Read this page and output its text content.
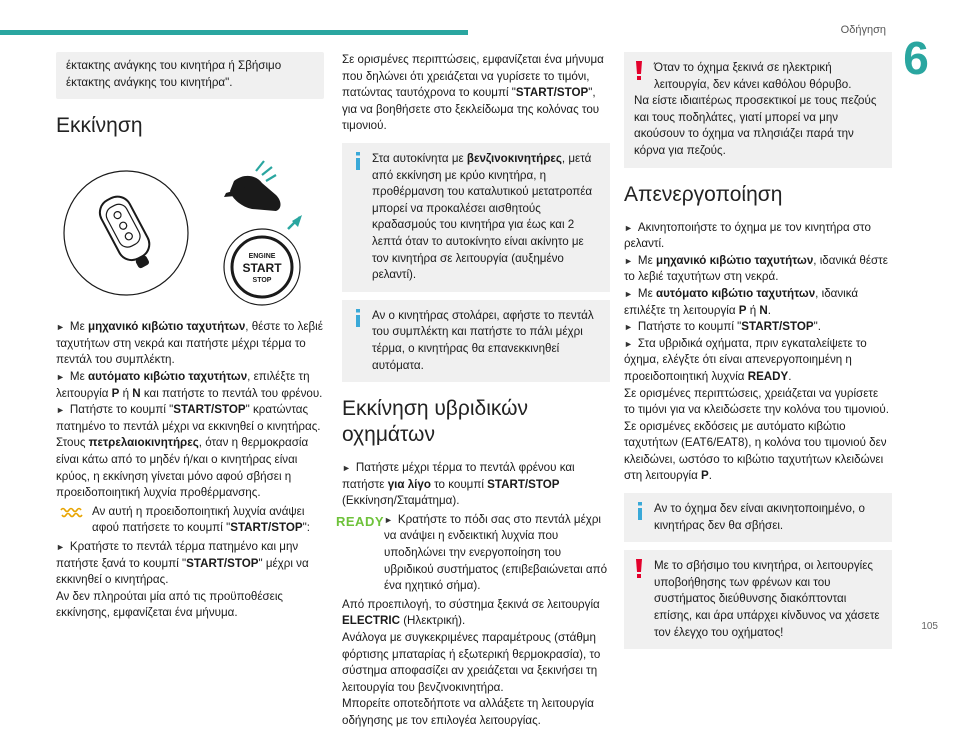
Οδήγηση
6
105

έκτακτης ανάγκης του κινητήρα ή Σβήσιμο έκτακτης ανάγκης του κινητήρα".

Εκκίνηση
ENGINE
START
STOP

► Με μηχανικό κιβώτιο ταχυτήτων, θέστε το λεβιέ ταχυτήτων στη νεκρά και πατήστε μέχρι τέρμα το πεντάλ του συμπλέκτη.

► Με αυτόματο κιβώτιο ταχυτήτων, επιλέξτε τη λειτουργία P ή N και πατήστε το πεντάλ του φρένου.

► Πατήστε το κουμπί "START/STOP" κρατώντας πατημένο το πεντάλ μέχρι να εκκινηθεί ο κινητήρας.

Στους πετρελαιοκινητήρες, όταν η θερμοκρασία είναι κάτω από το μηδέν ή/και ο κινητήρας είναι κρύος, η εκκίνηση γίνεται μόνο αφού σβήσει η προειδοποιητική λυχνία προθέρμανσης.

Αν αυτή η προειδοποιητική λυχνία ανάψει αφού πατήσετε το κουμπί "START/STOP":

► Κρατήστε το πεντάλ τέρμα πατημένο και μην πατήστε ξανά το κουμπί "START/STOP" μέχρι να εκκινηθεί ο κινητήρας.

Αν δεν πληρούται μία από τις προϋποθέσεις εκκίνησης, εμφανίζεται ένα μήνυμα.

Σε ορισμένες περιπτώσεις, εμφανίζεται ένα μήνυμα που δηλώνει ότι χρειάζεται να γυρίσετε το τιμόνι, πατώντας ταυτόχρονα το κουμπί "START/STOP", για να βοηθήσετε στο ξεκλείδωμα της κολόνας του τιμονιού.

Στα αυτοκίνητα με βενζινοκινητήρες, μετά από εκκίνηση με κρύο κινητήρα, η προθέρμανση του καταλυτικού μετατροπέα μπορεί να προκαλέσει αισθητούς κραδασμούς του κινητήρα για έως και 2 λεπτά όταν το αυτοκίνητο είναι ακίνητο με τον κινητήρα σε λειτουργία (αυξημένο ρελαντί).

Αν ο κινητήρας στολάρει, αφήστε το πεντάλ του συμπλέκτη και πατήστε το πάλι μέχρι τέρμα, ο κινητήρας θα επανεκκινηθεί αυτόματα.

Εκκίνηση υβριδικών οχημάτων

► Πατήστε μέχρι τέρμα το πεντάλ φρένου και πατήστε για λίγο το κουμπί START/STOP (Εκκίνηση/Σταμάτημα).

READY ► Κρατήστε το πόδι σας στο πεντάλ μέχρι να ανάψει η ενδεικτική λυχνία που υποδηλώνει την ενεργοποίηση του υβριδικού συστήματος (επιβεβαιώνεται από ένα ηχητικό σήμα).

Από προεπιλογή, το σύστημα ξεκινά σε λειτουργία ELECTRIC (Ηλεκτρική).

Ανάλογα με συγκεκριμένες παραμέτρους (στάθμη φόρτισης μπαταρίας ή εξωτερική θερμοκρασία), το σύστημα αποφασίζει αν χρειάζεται να ξεκινήσει τη λειτουργία του βενζινοκινητήρα.

Μπορείτε οποτεδήποτε να αλλάξετε τη λειτουργία οδήγησης με τον επιλογέα λειτουργίας.

Όταν το όχημα ξεκινά σε ηλεκτρική λειτουργία, δεν κάνει καθόλου θόρυβο.

Να είστε ιδιαιτέρως προσεκτικοί με τους πεζούς και τους ποδηλάτες, γιατί μπορεί να μην ακούσουν το όχημα να πλησιάζει παρά την κόρνα για πεζούς.

Απενεργοποίηση

► Ακινητοποιήστε το όχημα με τον κινητήρα στο ρελαντί.

► Με μηχανικό κιβώτιο ταχυτήτων, ιδανικά θέστε το λεβιέ ταχυτήτων στη νεκρά.

► Με αυτόματο κιβώτιο ταχυτήτων, ιδανικά επιλέξτε τη λειτουργία P ή N.

► Πατήστε το κουμπί "START/STOP".

► Στα υβριδικά οχήματα, πριν εγκαταλείψετε το όχημα, ελέγξτε ότι είναι απενεργοποιημένη η προειδοποιητική λυχνία READY.

Σε ορισμένες περιπτώσεις, χρειάζεται να γυρίσετε το τιμόνι για να κλειδώσετε την κολόνα του τιμονιού.

Σε ορισμένες εκδόσεις με αυτόματο κιβώτιο ταχυτήτων (EAT6/EAT8), η κολόνα του τιμονιού δεν κλειδώνει, ωστόσο το κιβώτιο ταχυτήτων κλειδώνει στη λειτουργία P.

Αν το όχημα δεν είναι ακινητοποιημένο, ο κινητήρας δεν θα σβήσει.

Με το σβήσιμο του κινητήρα, οι λειτουργίες υποβοήθησης των φρένων και του συστήματος διεύθυνσης διακόπτονται επίσης, και άρα υπάρχει κίνδυνος να χάσετε τον έλεγχο του οχήματος!
